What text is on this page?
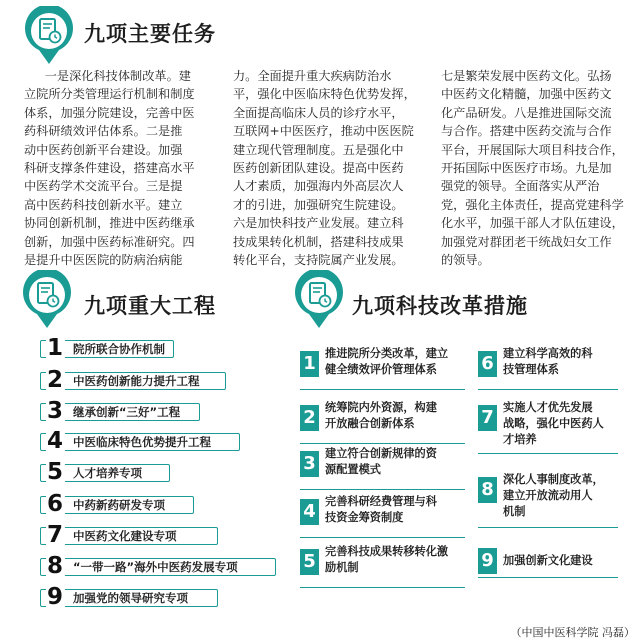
九项主要任务
一是深化科技体制改革。建
立院所分类管理运行机制和制度
体系，加强分院建设，完善中医
药科研绩效评估体系。二是推
动中医药创新平台建设。加强
科研支撑条件建设，搭建高水平
中医药学术交流平台。三是提
高中医药科技创新水平。建立
协同创新机制，推进中医药继承
创新，加强中医药标准研究。四
是提升中医医院的防病治病能
力。全面提升重大疾病防治水
平，强化中医临床特色优势发挥，
全面提高临床人员的诊疗水平，
互联网+中医医疗，推动中医医院
建立现代管理制度。五是强化中
医药创新团队建设。提高中医药
人才素质，加强海内外高层次人
才的引进，加强研究生院建设。
六是加快科技产业发展。建立科
技成果转化机制，搭建科技成果
转化平台，支持院属产业发展。
七是繁荣发展中医药文化。弘扬
中医药文化精髓，加强中医药文
化产品研发。八是推进国际交流
与合作。搭建中医药交流与合作
平台，开展国际大项目科技合作，
开拓国际中医医疗市场。九是加
强党的领导。全面落实从严治
党，强化主体责任，提高党建科学
化水平，加强干部人才队伍建设，
加强党对群团老干统战妇女工作
的领导。
九项重大工程
1 院所联合协作机制
2 中医药创新能力提升工程
3 继承创新“三好”工程
4 中医临床特色优势提升工程
5 人才培养专项
6 中药新药研发专项
7 中医药文化建设专项
8 “一带一路”海外中医药发展专项
9 加强党的领导研究专项
九项科技改革措施
1 推进院所分类改革，建立
健全绩效评价管理体系
2 统筹院内外资源，构建
开放融合创新体系
3 建立符合创新规律的资
源配置模式
4 完善科研经费管理与科
技资金筹资制度
5 完善科技成果转移转化激
励机制
6 建立科学高效的科
技管理体系
7 实施人才优先发展
战略，强化中医药人
才培养
8 深化人事制度改革，
建立开放流动用人
机制
9 加强创新文化建设
（中国中医科学院 冯磊）
